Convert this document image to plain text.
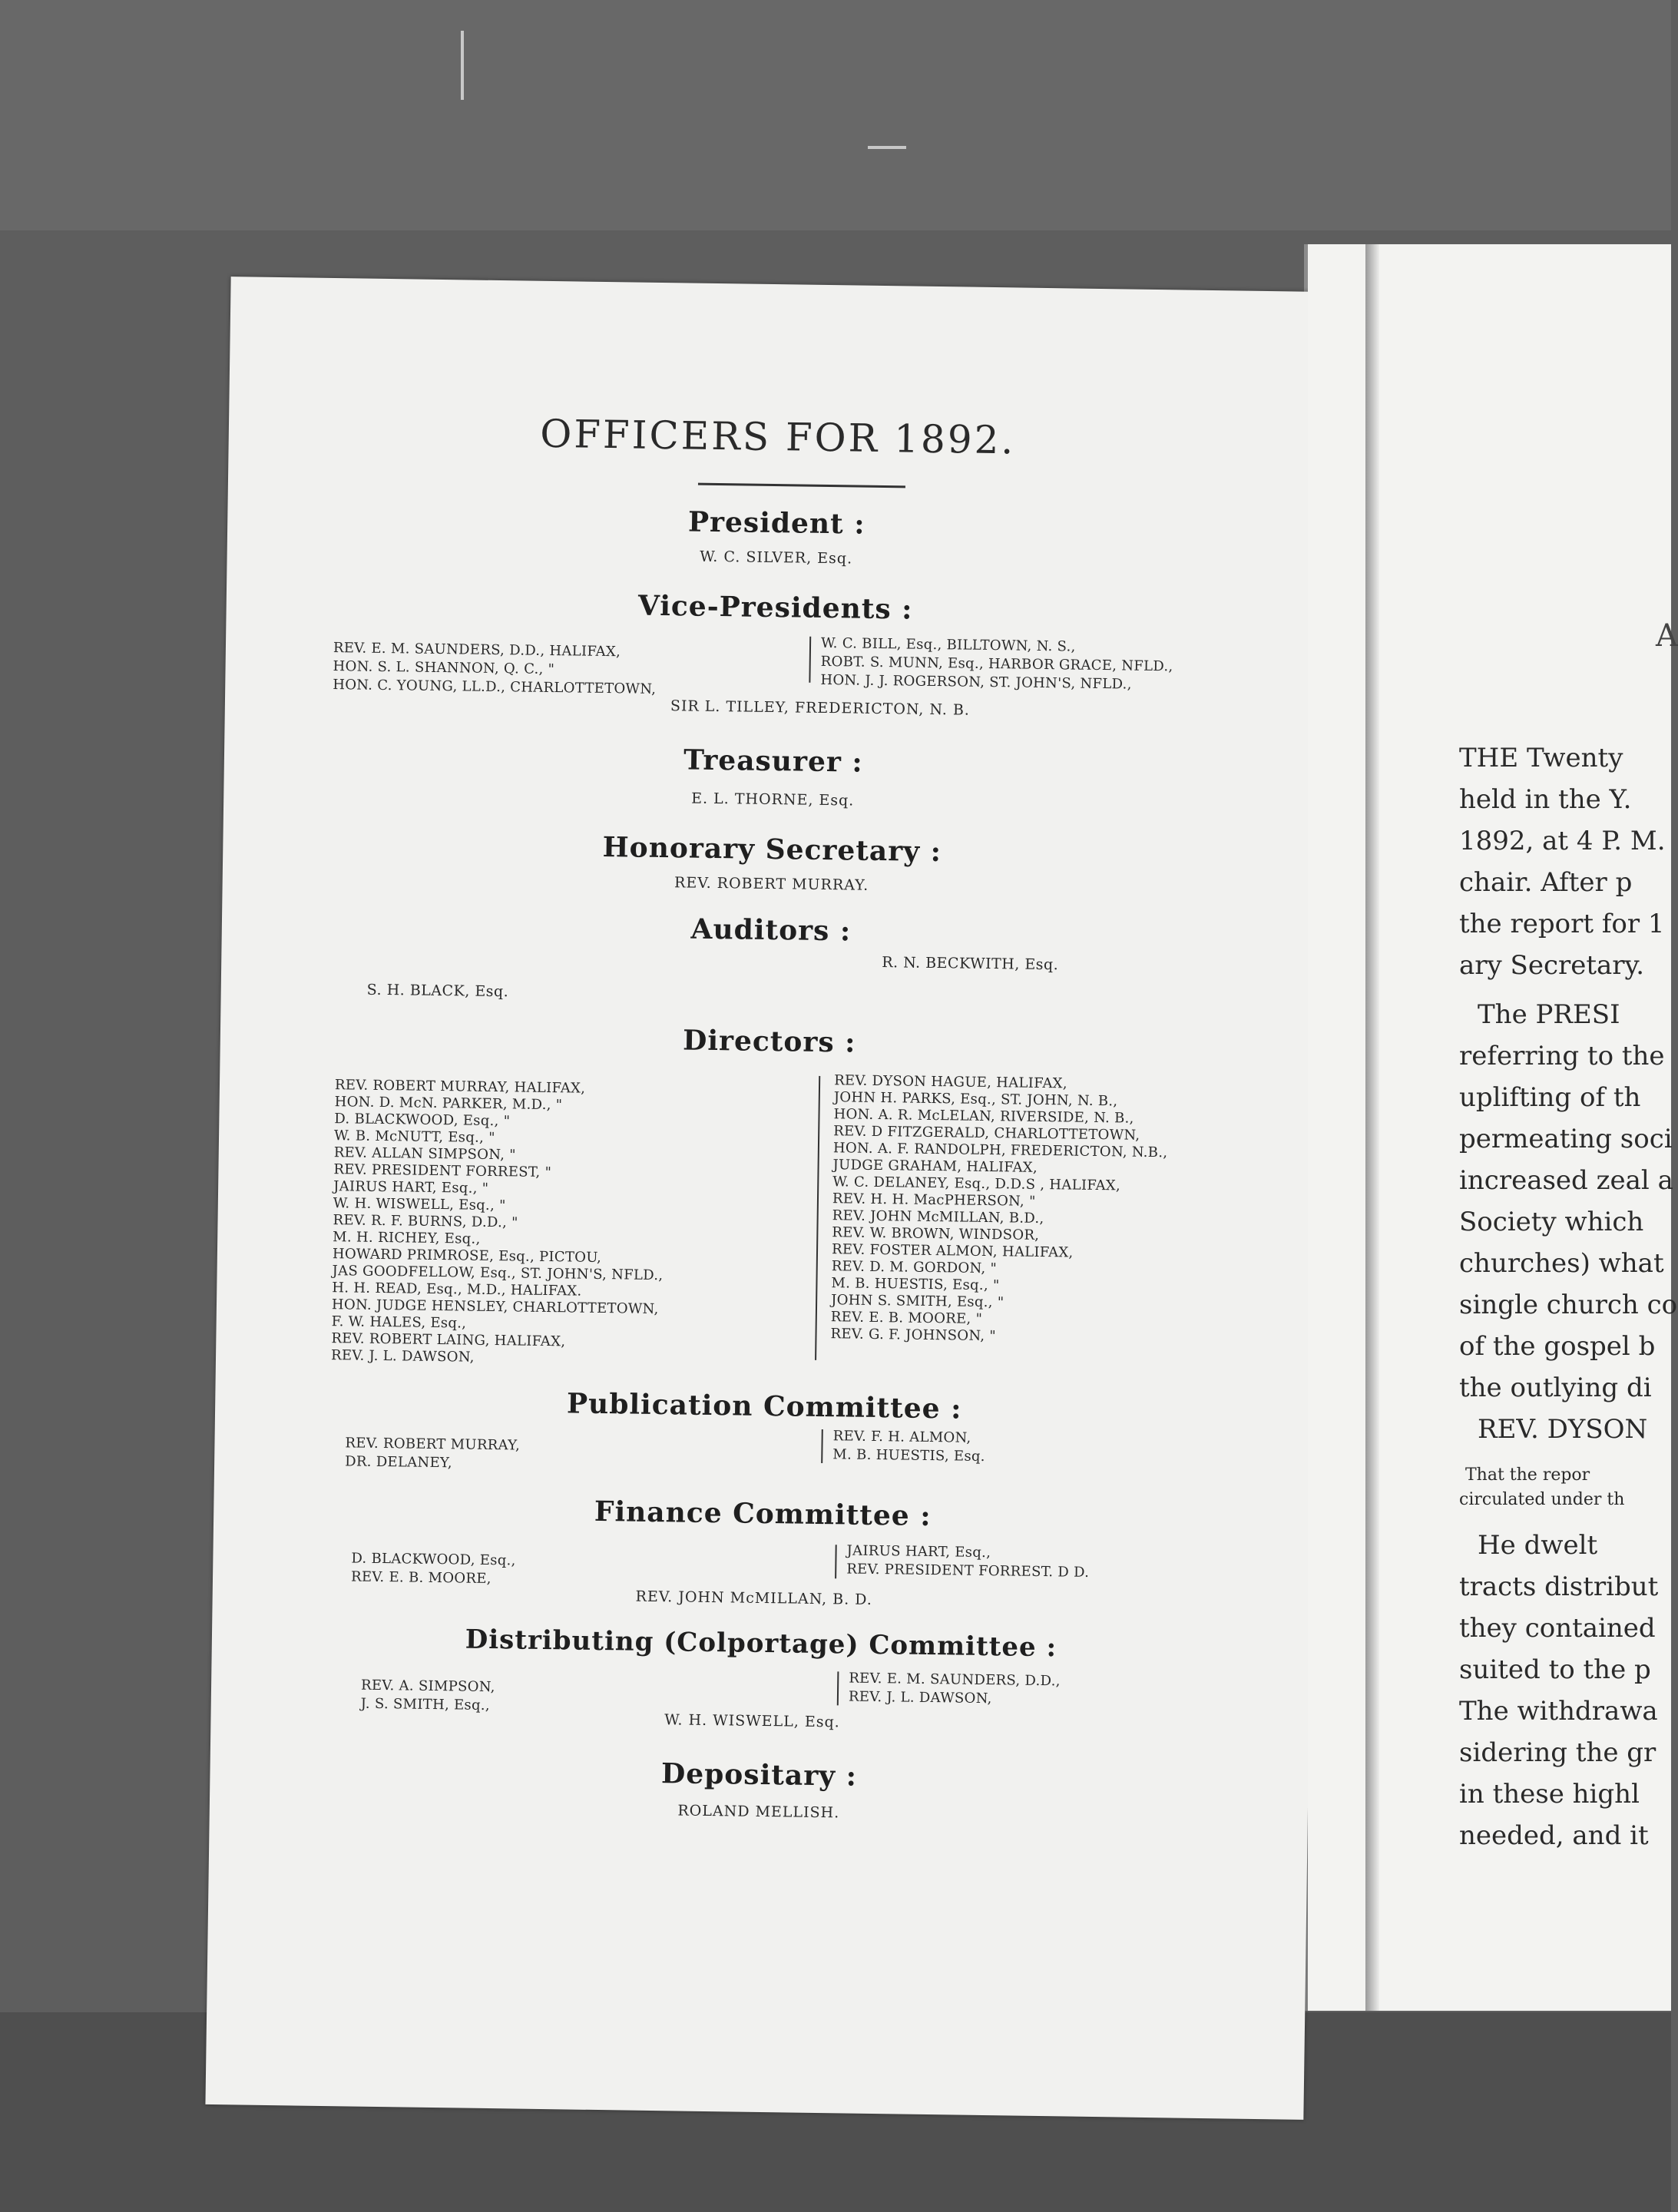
OFFICERS FOR 1892.
President :
W. C. SILVER, Esq.
Vice-Presidents :
REV. E. M. SAUNDERS, D.D., HALIFAX,
HON. S. L. SHANNON, Q. C., "
HON. C. YOUNG, LL.D., CHARLOTTETOWN,
W. C. BILL, Esq., BILLTOWN, N. S.,
ROBT. S. MUNN, Esq., HARBOR GRACE, NFLD.,
HON. J. J. ROGERSON, ST. JOHN'S, NFLD.,
SIR L. TILLEY, FREDERICTON, N. B.
Treasurer :
E. L. THORNE, Esq.
Honorary Secretary :
REV. ROBERT MURRAY.
Auditors :
R. N. BECKWITH, Esq.
S. H. BLACK, Esq.
Directors :
REV. ROBERT MURRAY, HALIFAX,
HON. D. McN. PARKER, M.D., "
D. BLACKWOOD, Esq., "
W. B. McNUTT, Esq., "
REV. ALLAN SIMPSON, "
REV. PRESIDENT FORREST, "
JAIRUS HART, Esq., "
W. H. WISWELL, Esq., "
REV. R. F. BURNS, D.D., "
M. H. RICHEY, Esq.,
HOWARD PRIMROSE, Esq., PICTOU,
JAS GOODFELLOW, Esq., ST. JOHN'S, NFLD.,
H. H. READ, Esq., M.D., HALIFAX.
HON. JUDGE HENSLEY, CHARLOTTETOWN,
F. W. HALES, Esq.,
REV. ROBERT LAING, HALIFAX,
REV. J. L. DAWSON,
REV. DYSON HAGUE, HALIFAX,
JOHN H. PARKS, Esq., ST. JOHN, N. B.,
HON. A. R. McLELAN, RIVERSIDE, N. B.,
REV. D FITZGERALD, CHARLOTTETOWN,
HON. A. F. RANDOLPH, FREDERICTON, N.B.,
JUDGE GRAHAM, HALIFAX,
W. C. DELANEY, Esq., D.D.S , HALIFAX,
REV. H. H. MacPHERSON, "
REV. JOHN McMILLAN, B.D.,
REV. W. BROWN, WINDSOR,
REV. FOSTER ALMON, HALIFAX,
REV. D. M. GORDON, "
M. B. HUESTIS, Esq., "
JOHN S. SMITH, Esq., "
REV. E. B. MOORE, "
REV. G. F. JOHNSON, "
Publication Committee :
REV. ROBERT MURRAY,
DR. DELANEY,
REV. F. H. ALMON,
M. B. HUESTIS, Esq.
Finance Committee :
D. BLACKWOOD, Esq.,
REV. E. B. MOORE,
JAIRUS HART, Esq.,
REV. PRESIDENT FORREST. D D.
REV. JOHN McMILLAN, B. D.
Distributing (Colportage) Committee :
REV. A. SIMPSON,
J. S. SMITH, Esq.,
REV. E. M. SAUNDERS, D.D.,
REV. J. L. DAWSON,
W. H. WISWELL, Esq.
Depositary :
ROLAND MELLISH.
A
THE Twenty
held in the Y.
1892, at 4 P. M.
chair. After p
the report for 1
ary Secretary.
The PRESI
referring to the
uplifting of th
permeating soci
increased zeal a
Society which
churches) what
single church co
of the gospel b
the outlying di
REV. DYSON
That the repor
circulated under th
He dwelt
tracts distribut
they contained
suited to the p
The withdrawa
sidering the gr
in these highl
needed, and it
